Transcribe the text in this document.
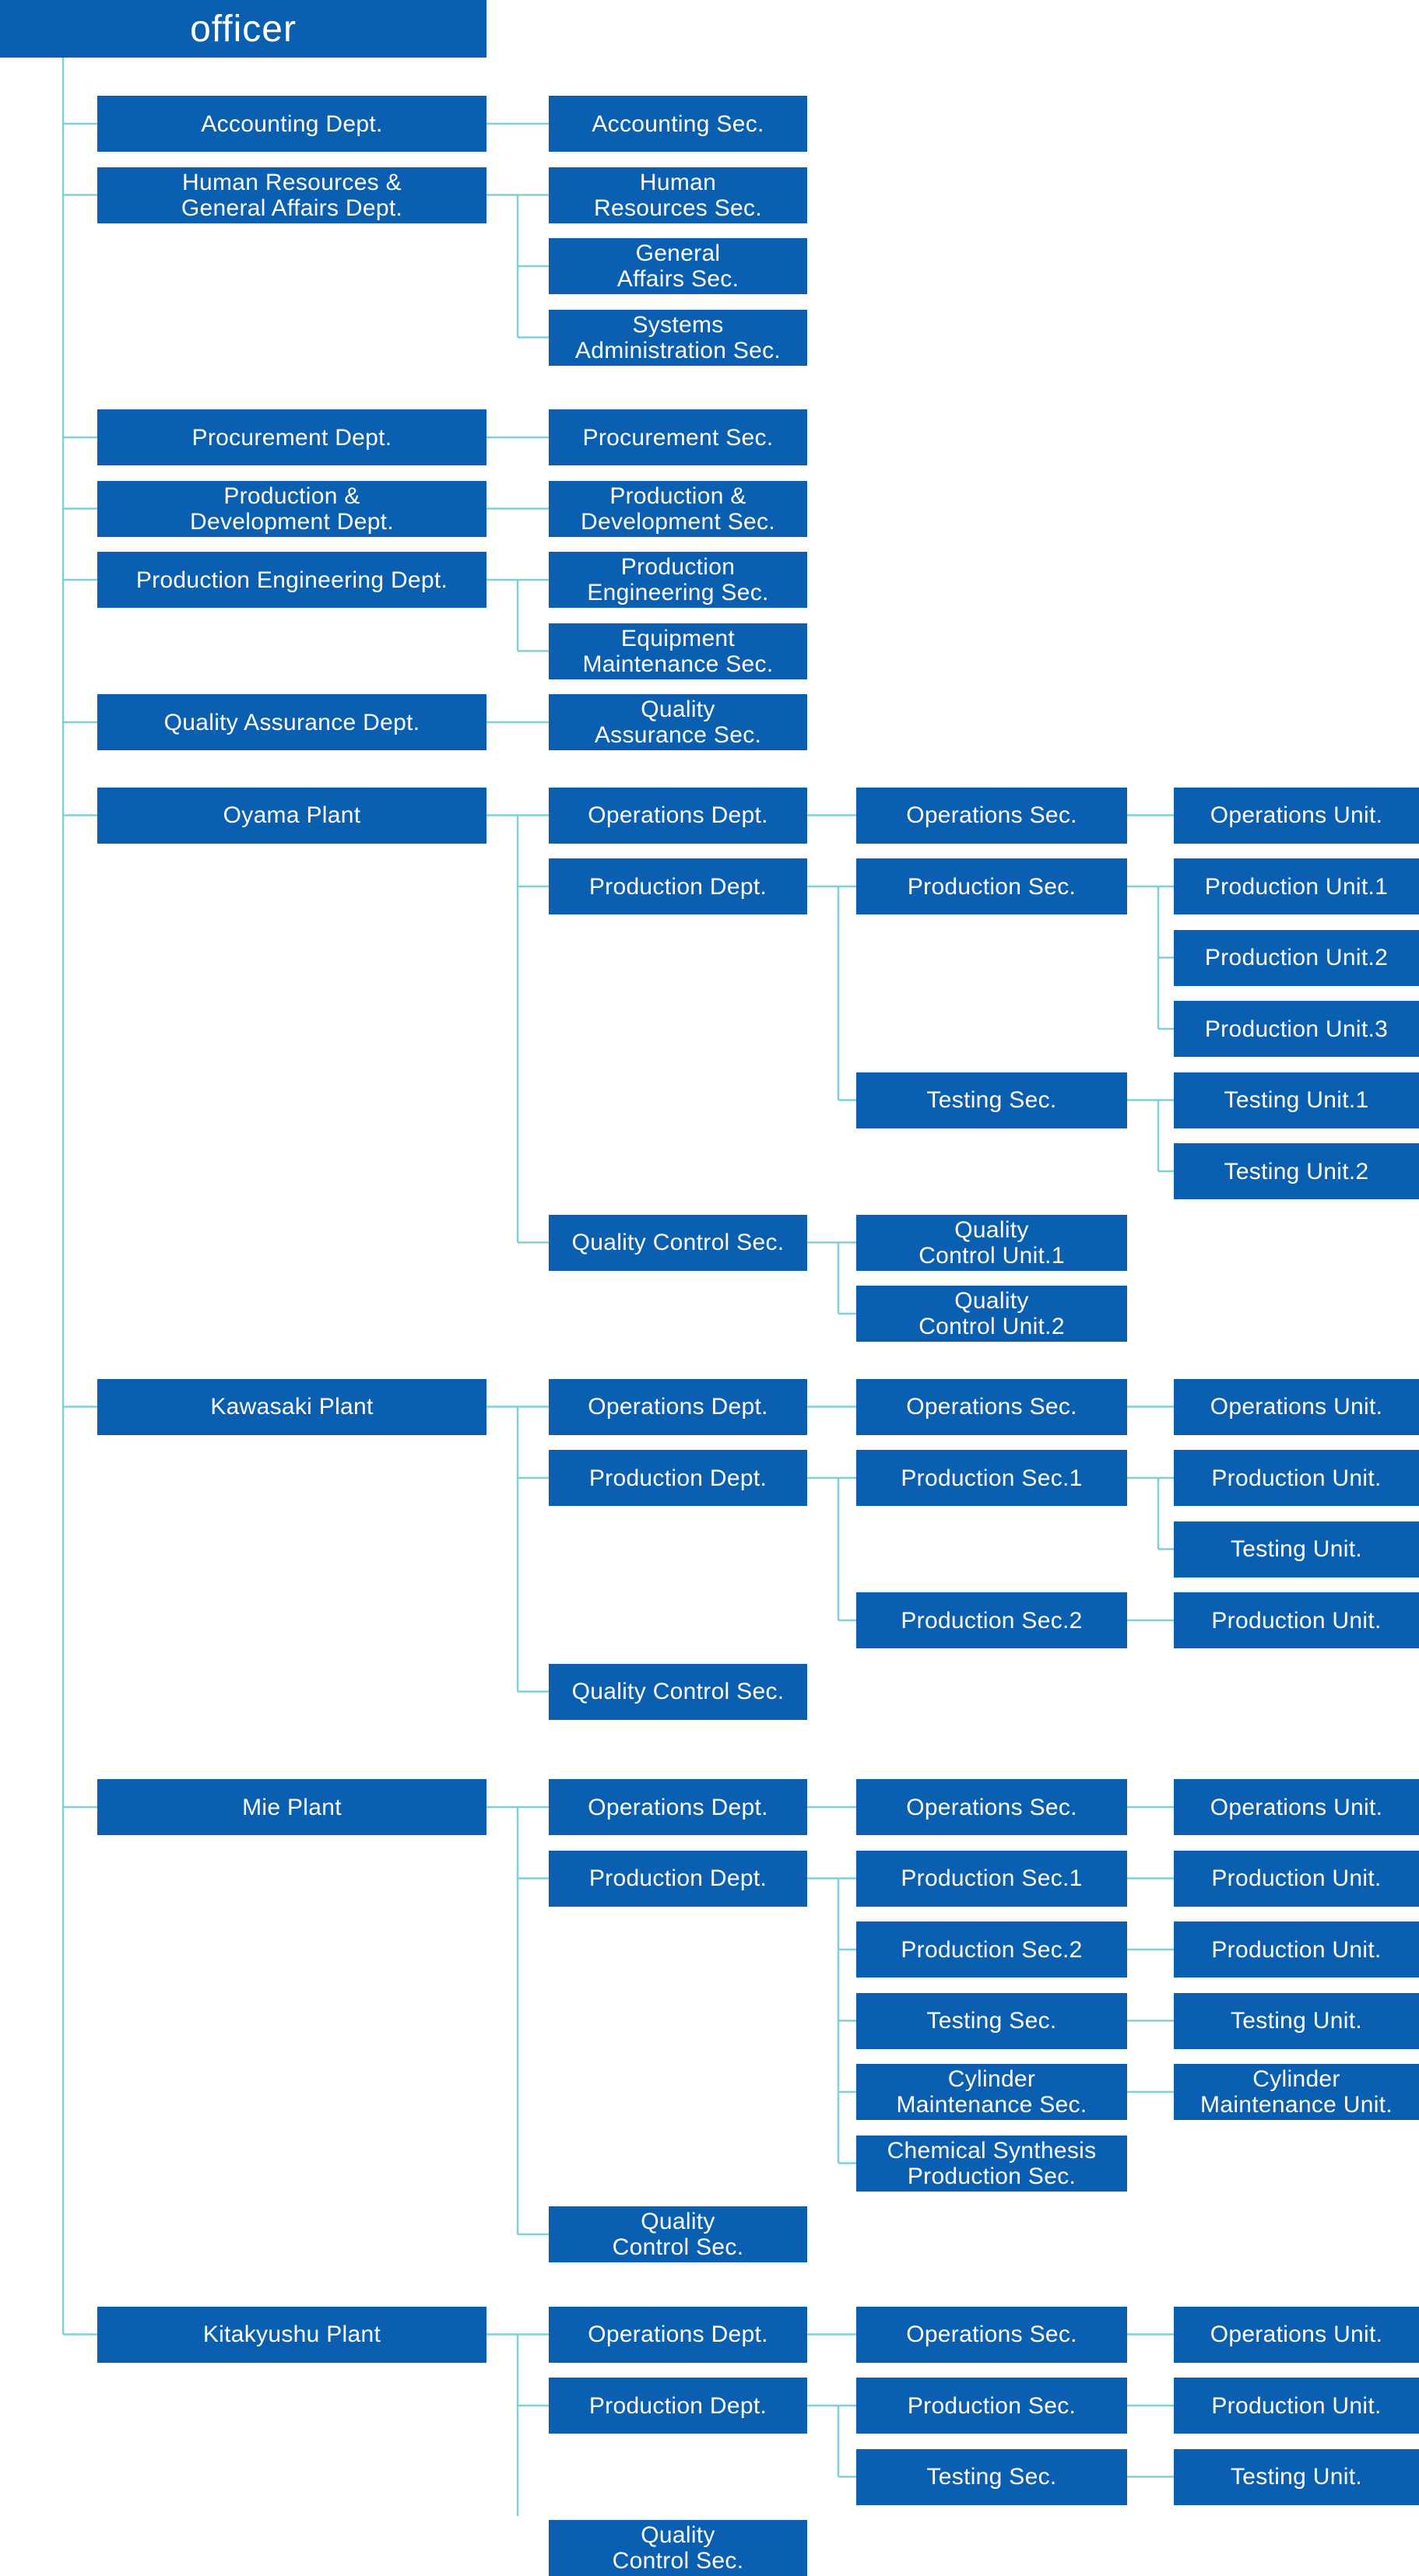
officer
Accounting Dept.	Accounting Sec.
Human Resources &
General Affairs Dept.
Human
Resources Sec.
General
Affairs Sec.
Systems
Administration Sec.
Procurement Dept.	Procurement Sec.
Production &
Development Dept.
Production &
Development Sec.
Production Engineering Dept.	Production
Engineering Sec.
Equipment
Maintenance Sec.
Quality Assurance Dept.	Quality
Assurance Sec.
Oyama Plant	Operations Dept.	Operations Sec.	Operations Unit.
Production Dept.	Production Sec.	Production Unit.1
Production Unit.2
Production Unit.3
Testing Sec.	Testing Unit.1
Testing Unit.2
Quality Control Sec.	Quality
Control Unit.1
Quality
Control Unit.2
Kawasaki Plant	Operations Dept.	Operations Sec.	Operations Unit.
Production Dept.	Production Sec.1	Production Unit.
Testing Unit.
Production Sec.2	Production Unit.
Quality Control Sec.
Mie Plant	Operations Dept.	Operations Sec.	Operations Unit.
Production Dept.	Production Sec.1	Production Unit.
Production Sec.2	Production Unit.
Testing Sec.	Testing Unit.
Cylinder
Maintenance Sec.
Cylinder
Maintenance Unit.
Chemical Synthesis
Production Sec.
Quality
Control Sec.
Kitakyushu Plant	Operations Dept.	Operations Sec.	Operations Unit.
Production Dept.	Production Sec.	Production Unit.
Testing Sec.	Testing Unit.
Quality
Control Sec.
